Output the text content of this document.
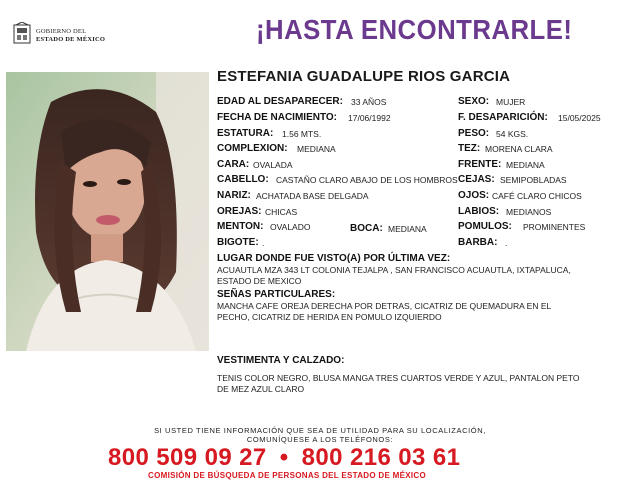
GOBIERNO DEL
ESTADO DE MÉXICO	¡HASTA ENCONTRARLE!
ESTEFANIA GUADALUPE RIOS GARCIA
EDAD AL DESAPARECER: 33 AÑOS
FECHA DE NACIMIENTO: 17/06/1992
ESTATURA: 1.56 MTS.
COMPLEXION: MEDIANA
CARA: OVALADA
CABELLO: CASTAÑO CLARO ABAJO DE LOS HOMBROS
NARIZ: ACHATADA BASE DELGADA
OREJAS: CHICAS
MENTON: OVALADO	BOCA: MEDIANA
BIGOTE: .
SEXO: MUJER
F. DESAPARICIÓN: 15/05/2025
PESO: 54 KGS.
TEZ: MORENA CLARA
FRENTE: MEDIANA
CEJAS: SEMIPOBLADAS
OJOS: CAFÉ CLARO CHICOS
LABIOS: MEDIANOS
POMULOS: PROMINENTES
BARBA: .
LUGAR DONDE FUE VISTO(A) POR ÚLTIMA VEZ:
ACUAUTLA MZA 343 LT COLONIA TEJALPA , SAN FRANCISCO ACUAUTLA, IXTAPALUCA,
ESTADO DE MEXICO
SEÑAS PARTICULARES:
MANCHA CAFE OREJA DERECHA POR DETRAS, CICATRIZ DE QUEMADURA EN EL
PECHO, CICATRIZ DE HERIDA EN POMULO IZQUIERDO
VESTIMENTA Y CALZADO:
TENIS COLOR NEGRO, BLUSA MANGA TRES CUARTOS VERDE Y AZUL, PANTALON PETO
DE MEZ AZUL CLARO
SI USTED TIENE INFORMACIÓN QUE SEA DE UTILIDAD PARA SU LOCALIZACIÓN,
COMUNÍQUESE A LOS TELÉFONOS:
800 509 09 27 • 800 216 03 61
COMISIÓN DE BÚSQUEDA DE PERSONAS DEL ESTADO DE MÉXICO
